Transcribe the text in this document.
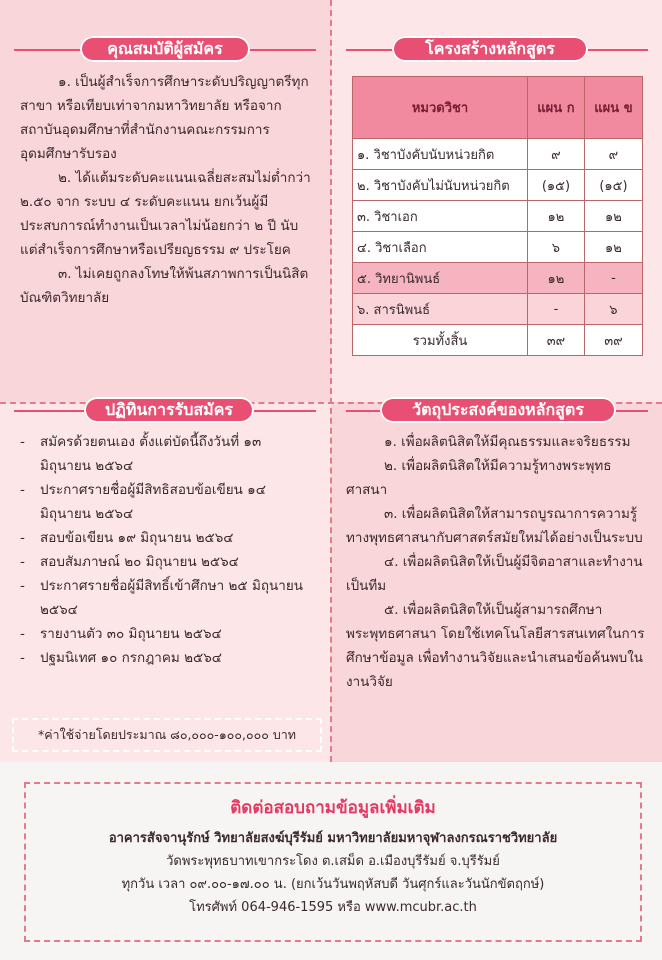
คุณสมบัติผู้สมัคร

๑. เป็นผู้สำเร็จการศึกษาระดับปริญญาตรีทุกสาขา หรือเทียบเท่าจากมหาวิทยาลัย หรือจากสถาบันอุดมศึกษาที่สำนักงานคณะกรรมการอุดมศึกษารับรอง

๒. ได้แต้มระดับคะแนนเฉลี่ยสะสมไม่ต่ำกว่า ๒.๕๐ จาก ระบบ ๔ ระดับคะแนน ยกเว้นผู้มีประสบการณ์ทำงานเป็นเวลาไม่น้อยกว่า ๒ ปี นับแต่สำเร็จการศึกษาหรือเปรียญธรรม ๙ ประโยค

๓. ไม่เคยถูกลงโทษให้พ้นสภาพการเป็นนิสิตบัณฑิตวิทยาลัย

โครงสร้างหลักสูตร
หมวดวิชา	แผน ก	แผน ข
๑. วิชาบังคับนับหน่วยกิต	๙	๙
๒. วิชาบังคับไม่นับหน่วยกิต	(๑๕)	(๑๕)
๓. วิชาเอก	๑๒	๑๒
๔. วิชาเลือก	๖	๑๒
๕. วิทยานิพนธ์	๑๒	-
๖. สารนิพนธ์	-	๖
รวมทั้งสิ้น	๓๙	๓๙
ปฏิทินการรับสมัคร
- สมัครด้วยตนเอง ตั้งแต่บัดนี้ถึงวันที่ ๑๓ มิถุนายน ๒๕๖๔
- ประกาศรายชื่อผู้มีสิทธิสอบข้อเขียน ๑๔ มิถุนายน ๒๕๖๔
- สอบข้อเขียน ๑๙ มิถุนายน ๒๕๖๔
- สอบสัมภาษณ์ ๒๐ มิถุนายน ๒๕๖๔
- ประกาศรายชื่อผู้มีสิทธิ์เข้าศึกษา ๒๕ มิถุนายน ๒๕๖๔
- รายงานตัว ๓๐ มิถุนายน ๒๕๖๔
- ปฐมนิเทศ ๑๐ กรกฎาคม ๒๕๖๔
*ค่าใช้จ่ายโดยประมาณ ๘๐,๐๐๐-๑๐๐,๐๐๐ บาท
วัตถุประสงค์ของหลักสูตร

๑. เพื่อผลิตนิสิตให้มีคุณธรรมและจริยธรรม

๒. เพื่อผลิตนิสิตให้มีความรู้ทางพระพุทธศาสนา

๓. เพื่อผลิตนิสิตให้สามารถบูรณาการความรู้ทางพุทธศาสนากับศาสตร์สมัยใหม่ได้อย่างเป็นระบบ

๔. เพื่อผลิตนิสิตให้เป็นผู้มีจิตอาสาและทำงานเป็นทีม

๕. เพื่อผลิตนิสิตให้เป็นผู้สามารถศึกษาพระพุทธศาสนา โดยใช้เทคโนโลยีสารสนเทศในการศึกษาข้อมูล เพื่อทำงานวิจัยและนำเสนอข้อค้นพบในงานวิจัย

ติดต่อสอบถามข้อมูลเพิ่มเติม
อาคารสัจจานุรักษ์ วิทยาลัยสงฆ์บุรีรัมย์ มหาวิทยาลัยมหาจุฬาลงกรณราชวิทยาลัย
วัดพระพุทธบาทเขากระโดง ต.เสม็ด อ.เมืองบุรีรัมย์ จ.บุรีรัมย์
ทุกวัน เวลา ๐๙.๐๐-๑๗.๐๐ น. (ยกเว้นวันพฤหัสบดี วันศุกร์และวันนักขัตฤกษ์)
โทรศัพท์ 064-946-1595 หรือ www.mcubr.ac.th
